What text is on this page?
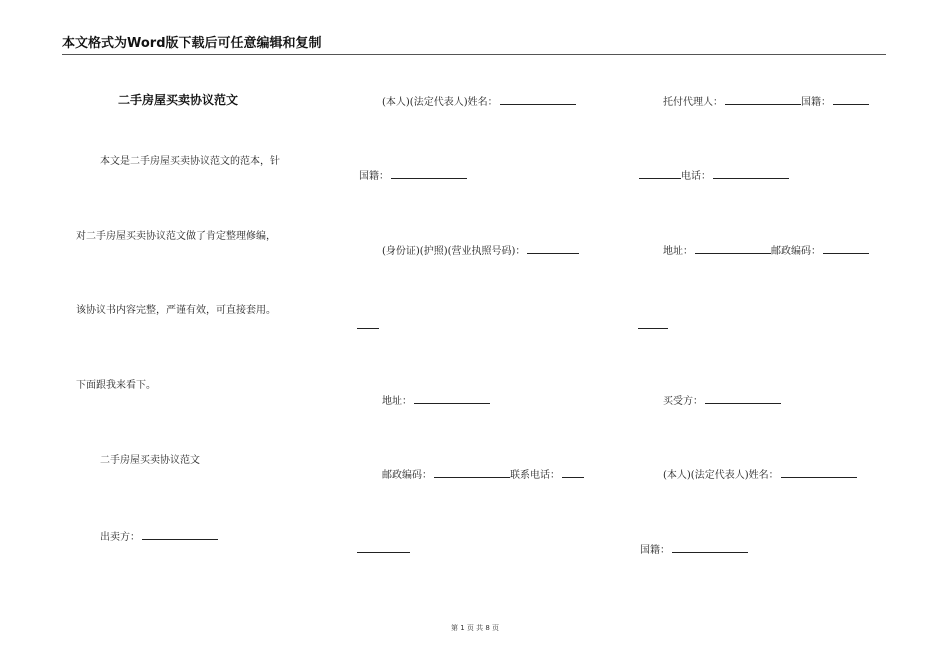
本文格式为Word版下载后可任意编辑和复制
二手房屋买卖协议范文
本文是二手房屋买卖协议范文的范本，针
对二手房屋买卖协议范文做了肯定整理修编，
该协议书内容完整，严谨有效，可直接套用。
下面跟我来看下。
二手房屋买卖协议范文
出卖方：
(本人)(法定代表人)姓名：
国籍：
(身份证)(护照)(营业执照号码)：
地址：
邮政编码：	联系电话：
托付代理人：	国籍：
电话：
地址：	邮政编码：
买受方：
(本人)(法定代表人)姓名：
国籍：
第 1 页 共 8 页
